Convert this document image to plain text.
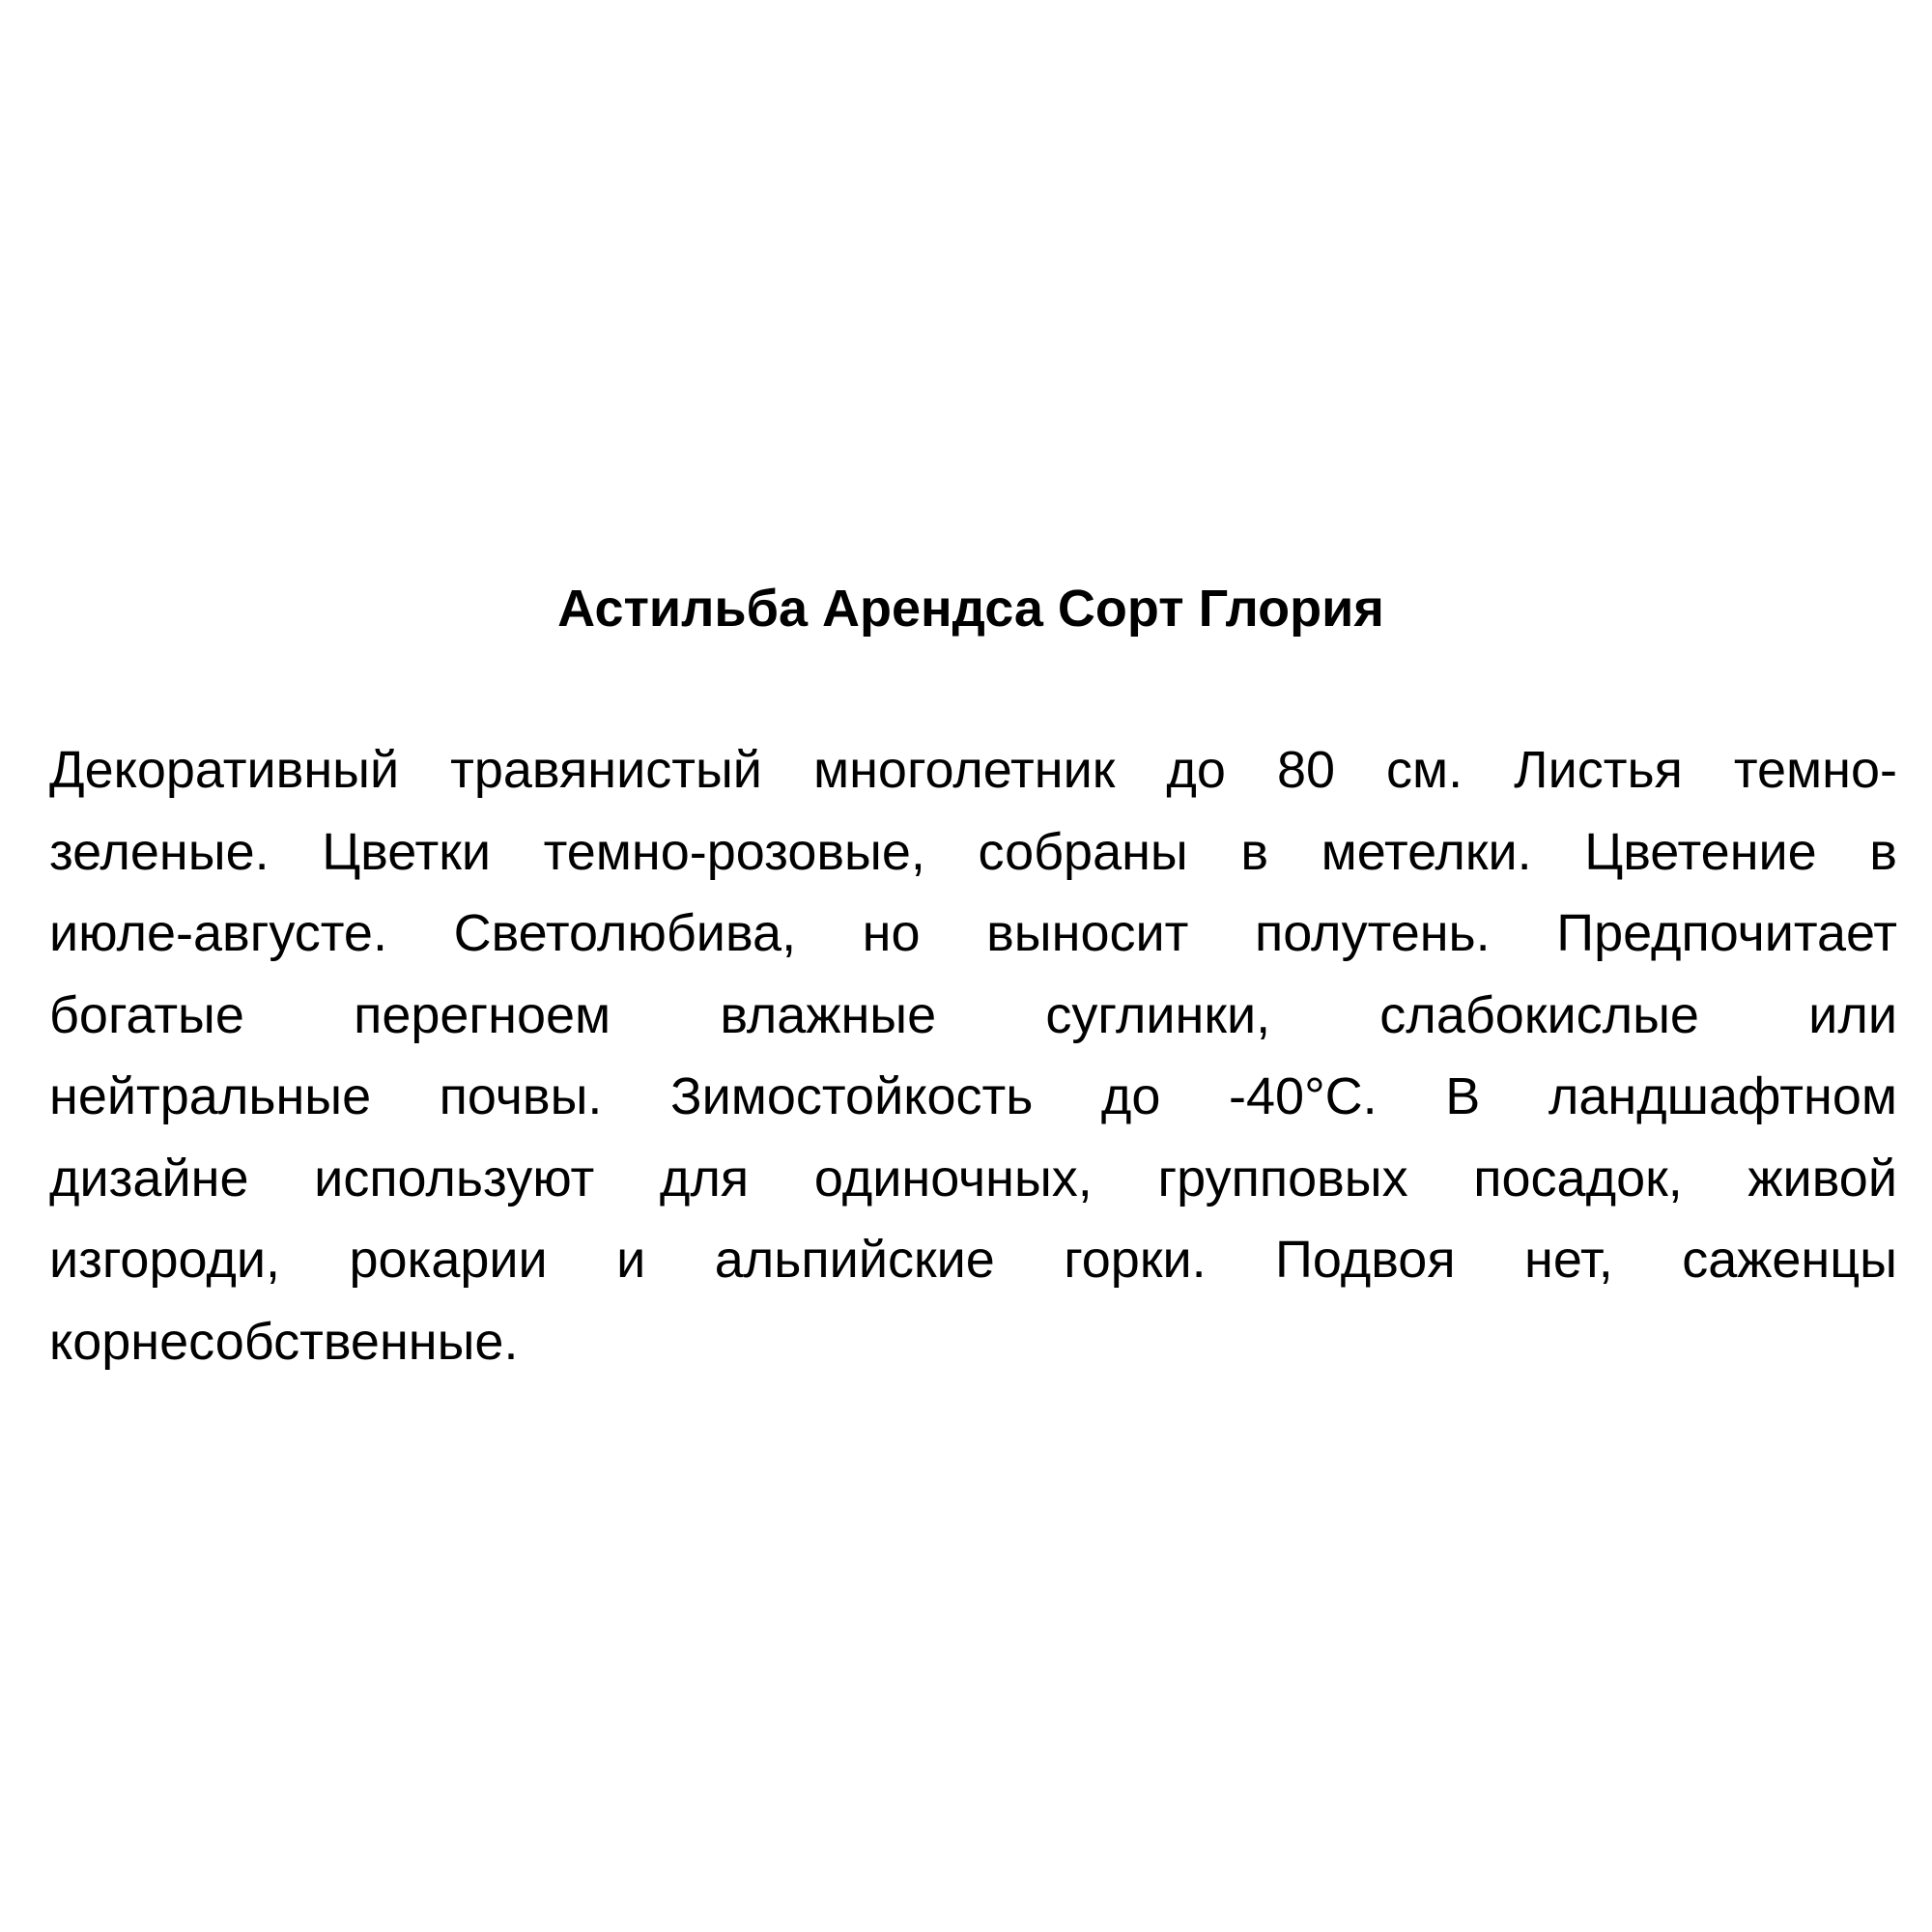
Астильба Арендса Сорт Глория
Декоративный травянистый многолетник до 80 см. Листья темно-
зеленые. Цветки темно-розовые, собраны в метелки. Цветение в
июле-августе. Светолюбива, но выносит полутень. Предпочитает
богатые перегноем влажные суглинки, слабокислые или
нейтральные почвы. Зимостойкость до -40°С. В ландшафтном
дизайне используют для одиночных, групповых посадок, живой
изгороди, рокарии и альпийские горки. Подвоя нет, саженцы
корнесобственные.
